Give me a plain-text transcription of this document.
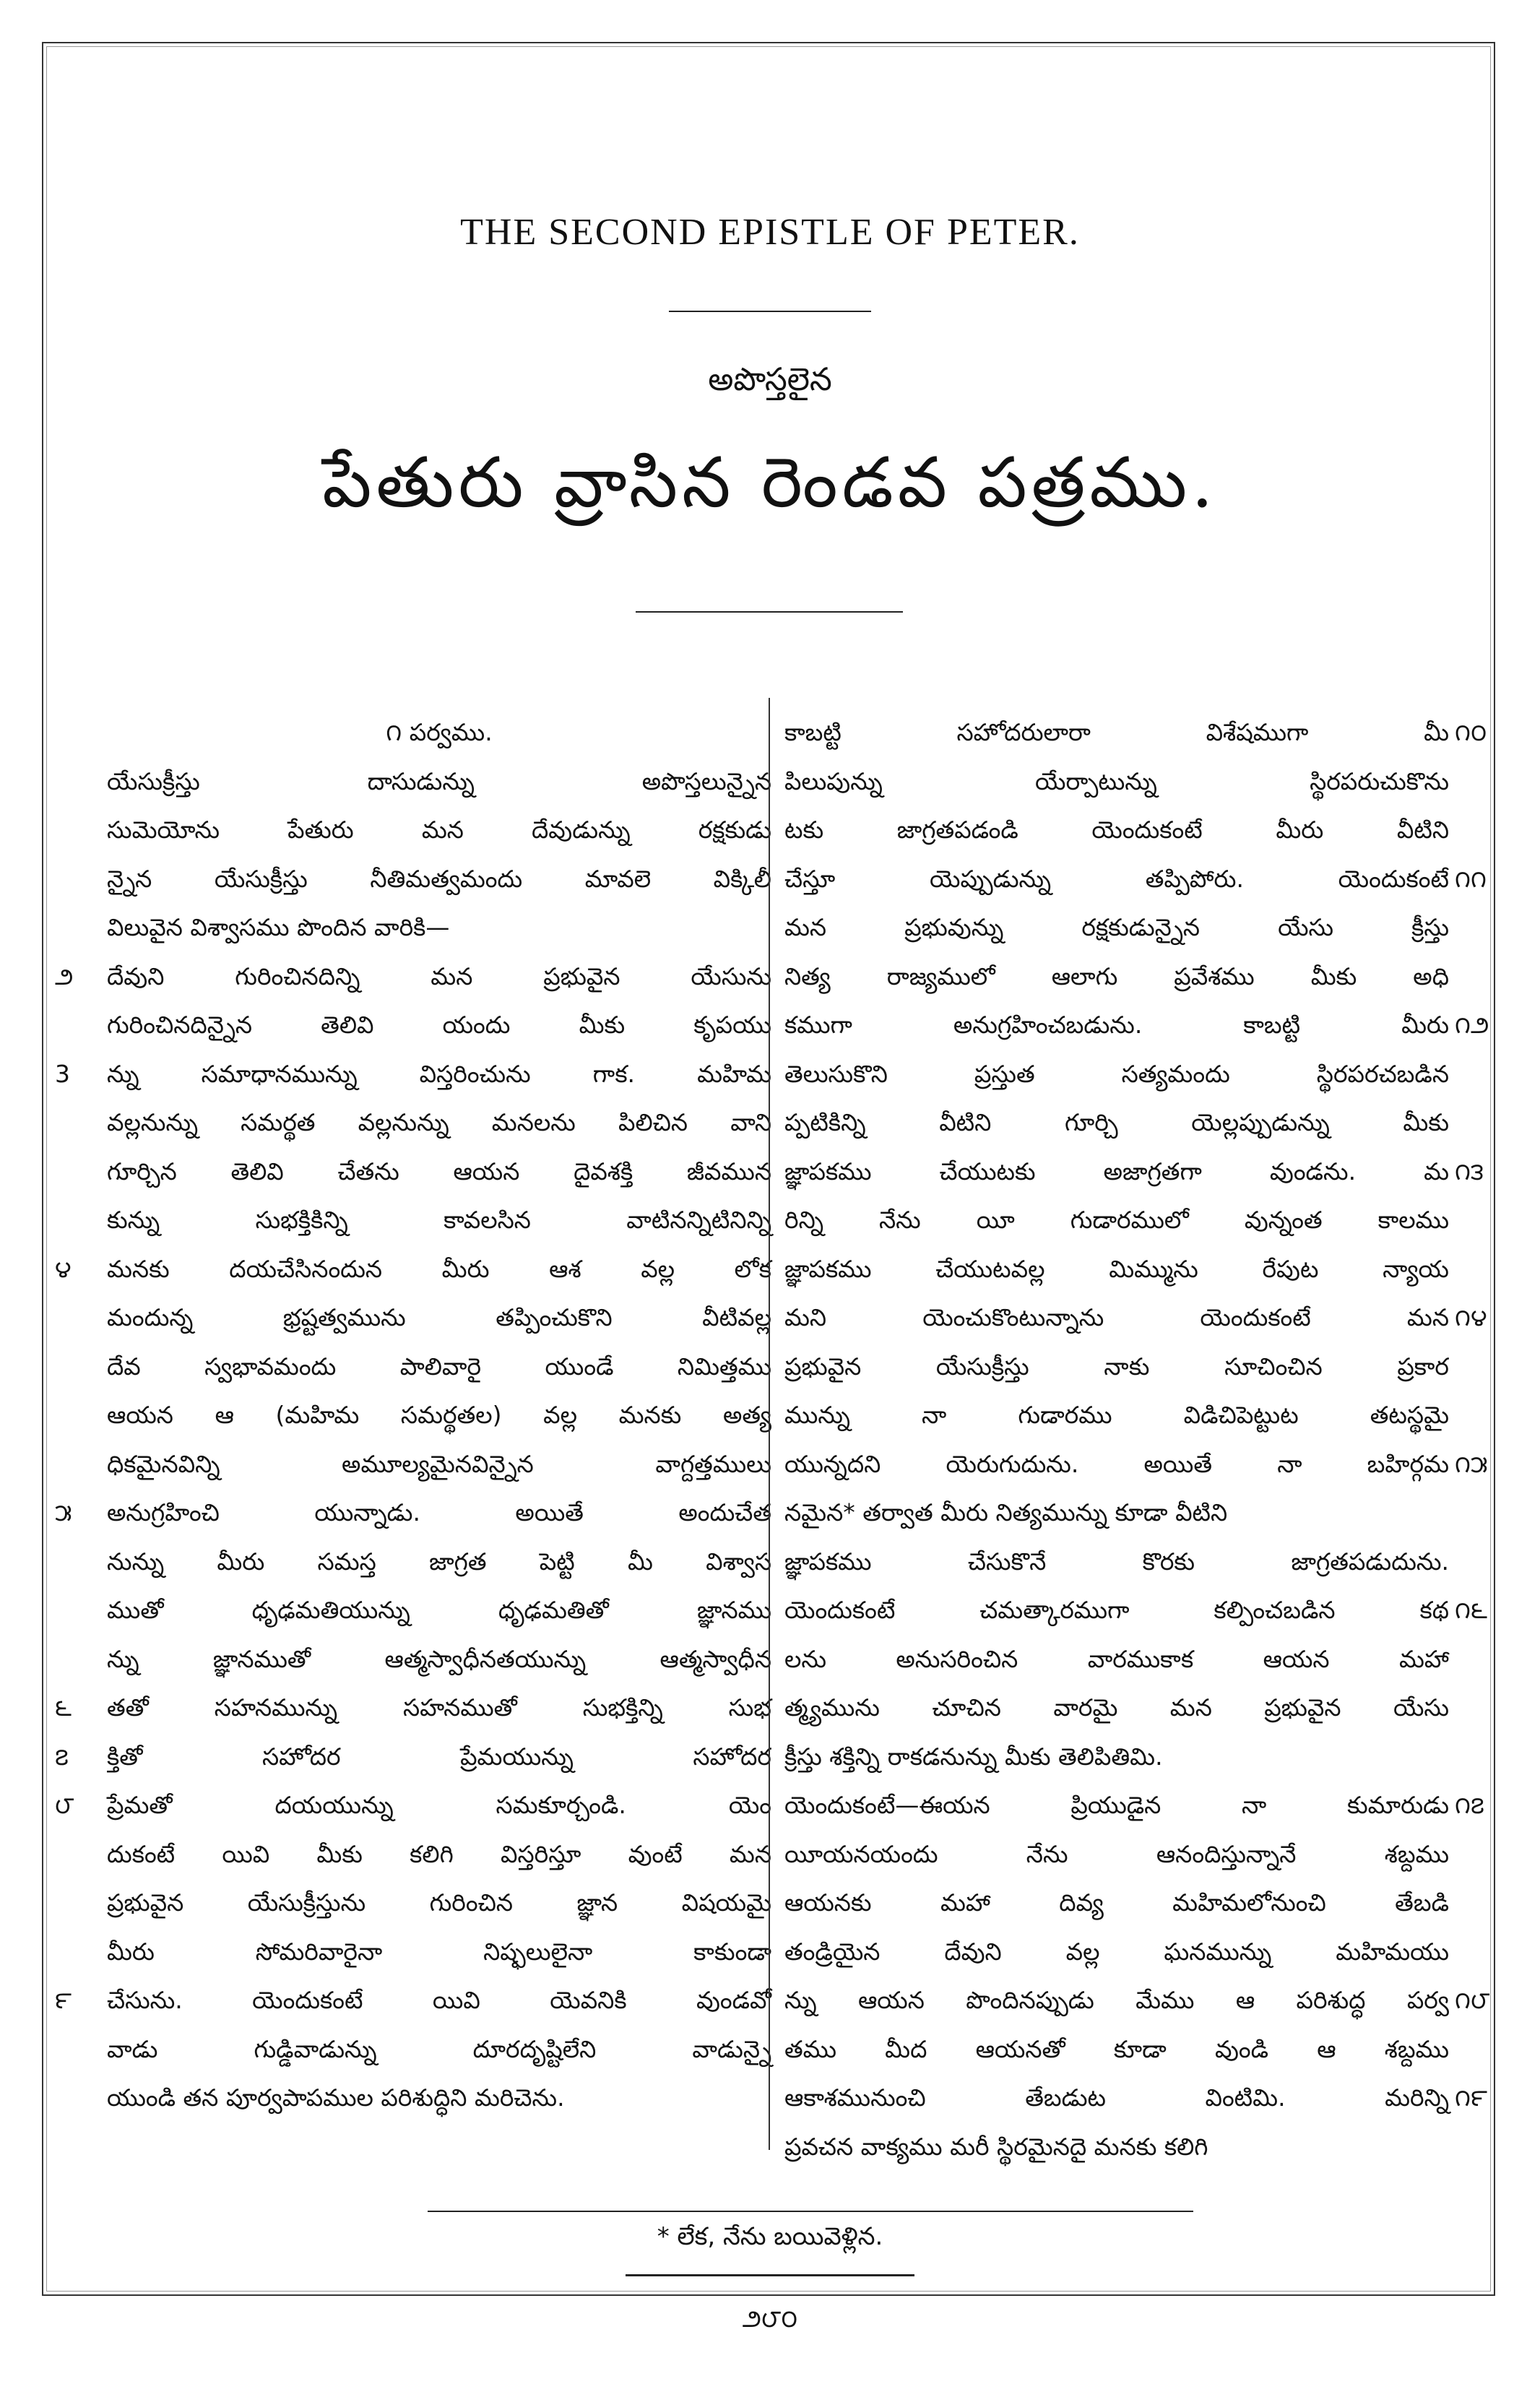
THE SECOND EPISTLE OF PETER.
అపొస్తలైన
పేతురు వ్రాసిన రెండవ పత్రము.
౧ పర్వము.
యేసుక్రీస్తు దాసుడున్ను అపొస్తలున్నైన
సుమెయోను పేతురు మన దేవుడున్ను రక్షకుడు
న్నైన యేసుక్రీస్తు నీతిమత్వమందు మావలె విక్కిలీ
విలువైన విశ్వాసము పొందిన వారికి—
దేవుని గురించినదిన్ని మన ప్రభువైన యేసును
౨
గురించినదిన్నైన తెలివి యందు మీకు కృపయు
న్ను సమాధానమున్ను విస్తరించును గాక. మహిమ
3
వల్లనున్ను సమర్థత వల్లనున్ను మనలను పిలిచిన వాని
గూర్చిన తెలివి చేతను ఆయన దైవశక్తి జీవమున
కున్ను సుభక్తికిన్ని కావలసిన వాటినన్నిటినిన్ని
మనకు దయచేసినందున మీరు ఆశ వల్ల లోక
౪
మందున్న భ్రష్టత్వమును తప్పించుకొని వీటివల్ల
దేవ స్వభావమందు పాలివారై యుండే నిమిత్తము
ఆయన ఆ (మహిమ సమర్థతల) వల్ల మనకు అత్య
ధికమైనవిన్ని అమూల్యమైనవిన్నైన వాగ్దత్తములు
అనుగ్రహించి యున్నాడు. అయితే అందుచేత
౫
నున్ను మీరు సమస్త జాగ్రత పెట్టి మీ విశ్వాస
ముతో ధృఢమతియున్ను ధృఢమతితో జ్ఞానము
న్ను జ్ఞానముతో ఆత్మస్వాధీనతయున్ను ఆత్మస్వాధీన
తతో సహనమున్ను సహనముతో సుభక్తిన్ని సుభ
౬
క్తితో సహోదర ప్రేమయున్ను సహోదర
౭
ప్రేమతో దయయున్ను సమకూర్చండి. యెం
౮
దుకంటే యివి మీకు కలిగి విస్తరిస్తూ వుంటే మన
ప్రభువైన యేసుక్రీస్తును గురించిన జ్ఞాన విషయమై
మీరు సోమరివారైనా నిష్ఫలులైనా కాకుండా
చేసును. యెందుకంటే యివి యెవనికి వుండవో
౯
వాడు గుడ్డివాడున్ను దూరదృష్టిలేని వాడున్నై
యుండి తన పూర్వపాపముల పరిశుద్ధిని మరిచెను.
కాబట్టి సహోదరులారా విశేషముగా మీ ౧౦
పిలుపున్ను యేర్పాటున్ను స్థిరపరుచుకొను
టకు జాగ్రతపడండి యెందుకంటే మీరు వీటిని
చేస్తూ యెప్పుడున్ను తప్పిపోరు. యెందుకంటే ౧౧
మన ప్రభువున్ను రక్షకుడున్నైన యేసు క్రీస్తు
నిత్య రాజ్యములో ఆలాగు ప్రవేశము మీకు అధి
కముగా అనుగ్రహించబడును. కాబట్టి మీరు ౧౨
తెలుసుకొని ప్రస్తుత సత్యమందు స్థిరపరచబడిన
ప్పటికిన్ని వీటిని గూర్చి యెల్లప్పుడున్ను మీకు
జ్ఞాపకము చేయుటకు అజాగ్రతగా వుండను. మ ౧౩
రిన్ని నేను యీ గుడారములో వున్నంత కాలము
జ్ఞాపకము చేయుటవల్ల మిమ్మును రేపుట న్యాయ
మని యెంచుకొంటున్నాను యెందుకంటే మన ౧౪
ప్రభువైన యేసుక్రీస్తు నాకు సూచించిన ప్రకార
మున్ను నా గుడారము విడిచిపెట్టుట తటస్థమై
యున్నదని యెరుగుదును. అయితే నా బహిర్గమ ౧౫
నమైన* తర్వాత మీరు నిత్యమున్ను కూడా వీటిని
జ్ఞాపకము చేసుకొనే కొరకు జాగ్రతపడుదును.
యెందుకంటే చమత్కారముగా కల్పించబడిన కథ ౧౬
లను అనుసరించిన వారముకాక ఆయన మహా
త్మ్యమును చూచిన వారమై మన ప్రభువైన యేసు
క్రీస్తు శక్తిన్ని రాకడనున్ను మీకు తెలిపితిమి.
యెందుకంటే—ఈయన ప్రియుడైన నా కుమారుడు ౧౭
యీయనయందు నేను ఆనందిస్తున్నానే శబ్దము
ఆయనకు మహా దివ్య మహిమలోనుంచి తేబడి
తండ్రియైన దేవుని వల్ల ఘనమున్ను మహిమయు
న్ను ఆయన పొందినప్పుడు మేము ఆ పరిశుద్ధ పర్వ ౧౮
తము మీద ఆయనతో కూడా వుండి ఆ శబ్దము
ఆకాశమునుంచి తేబడుట వింటిమి. మరిన్ని ౧౯
ప్రవచన వాక్యము మరీ స్థిరమైనదై మనకు కలిగి
* లేక, నేను బయివెళ్లిన.
౨౮౦
